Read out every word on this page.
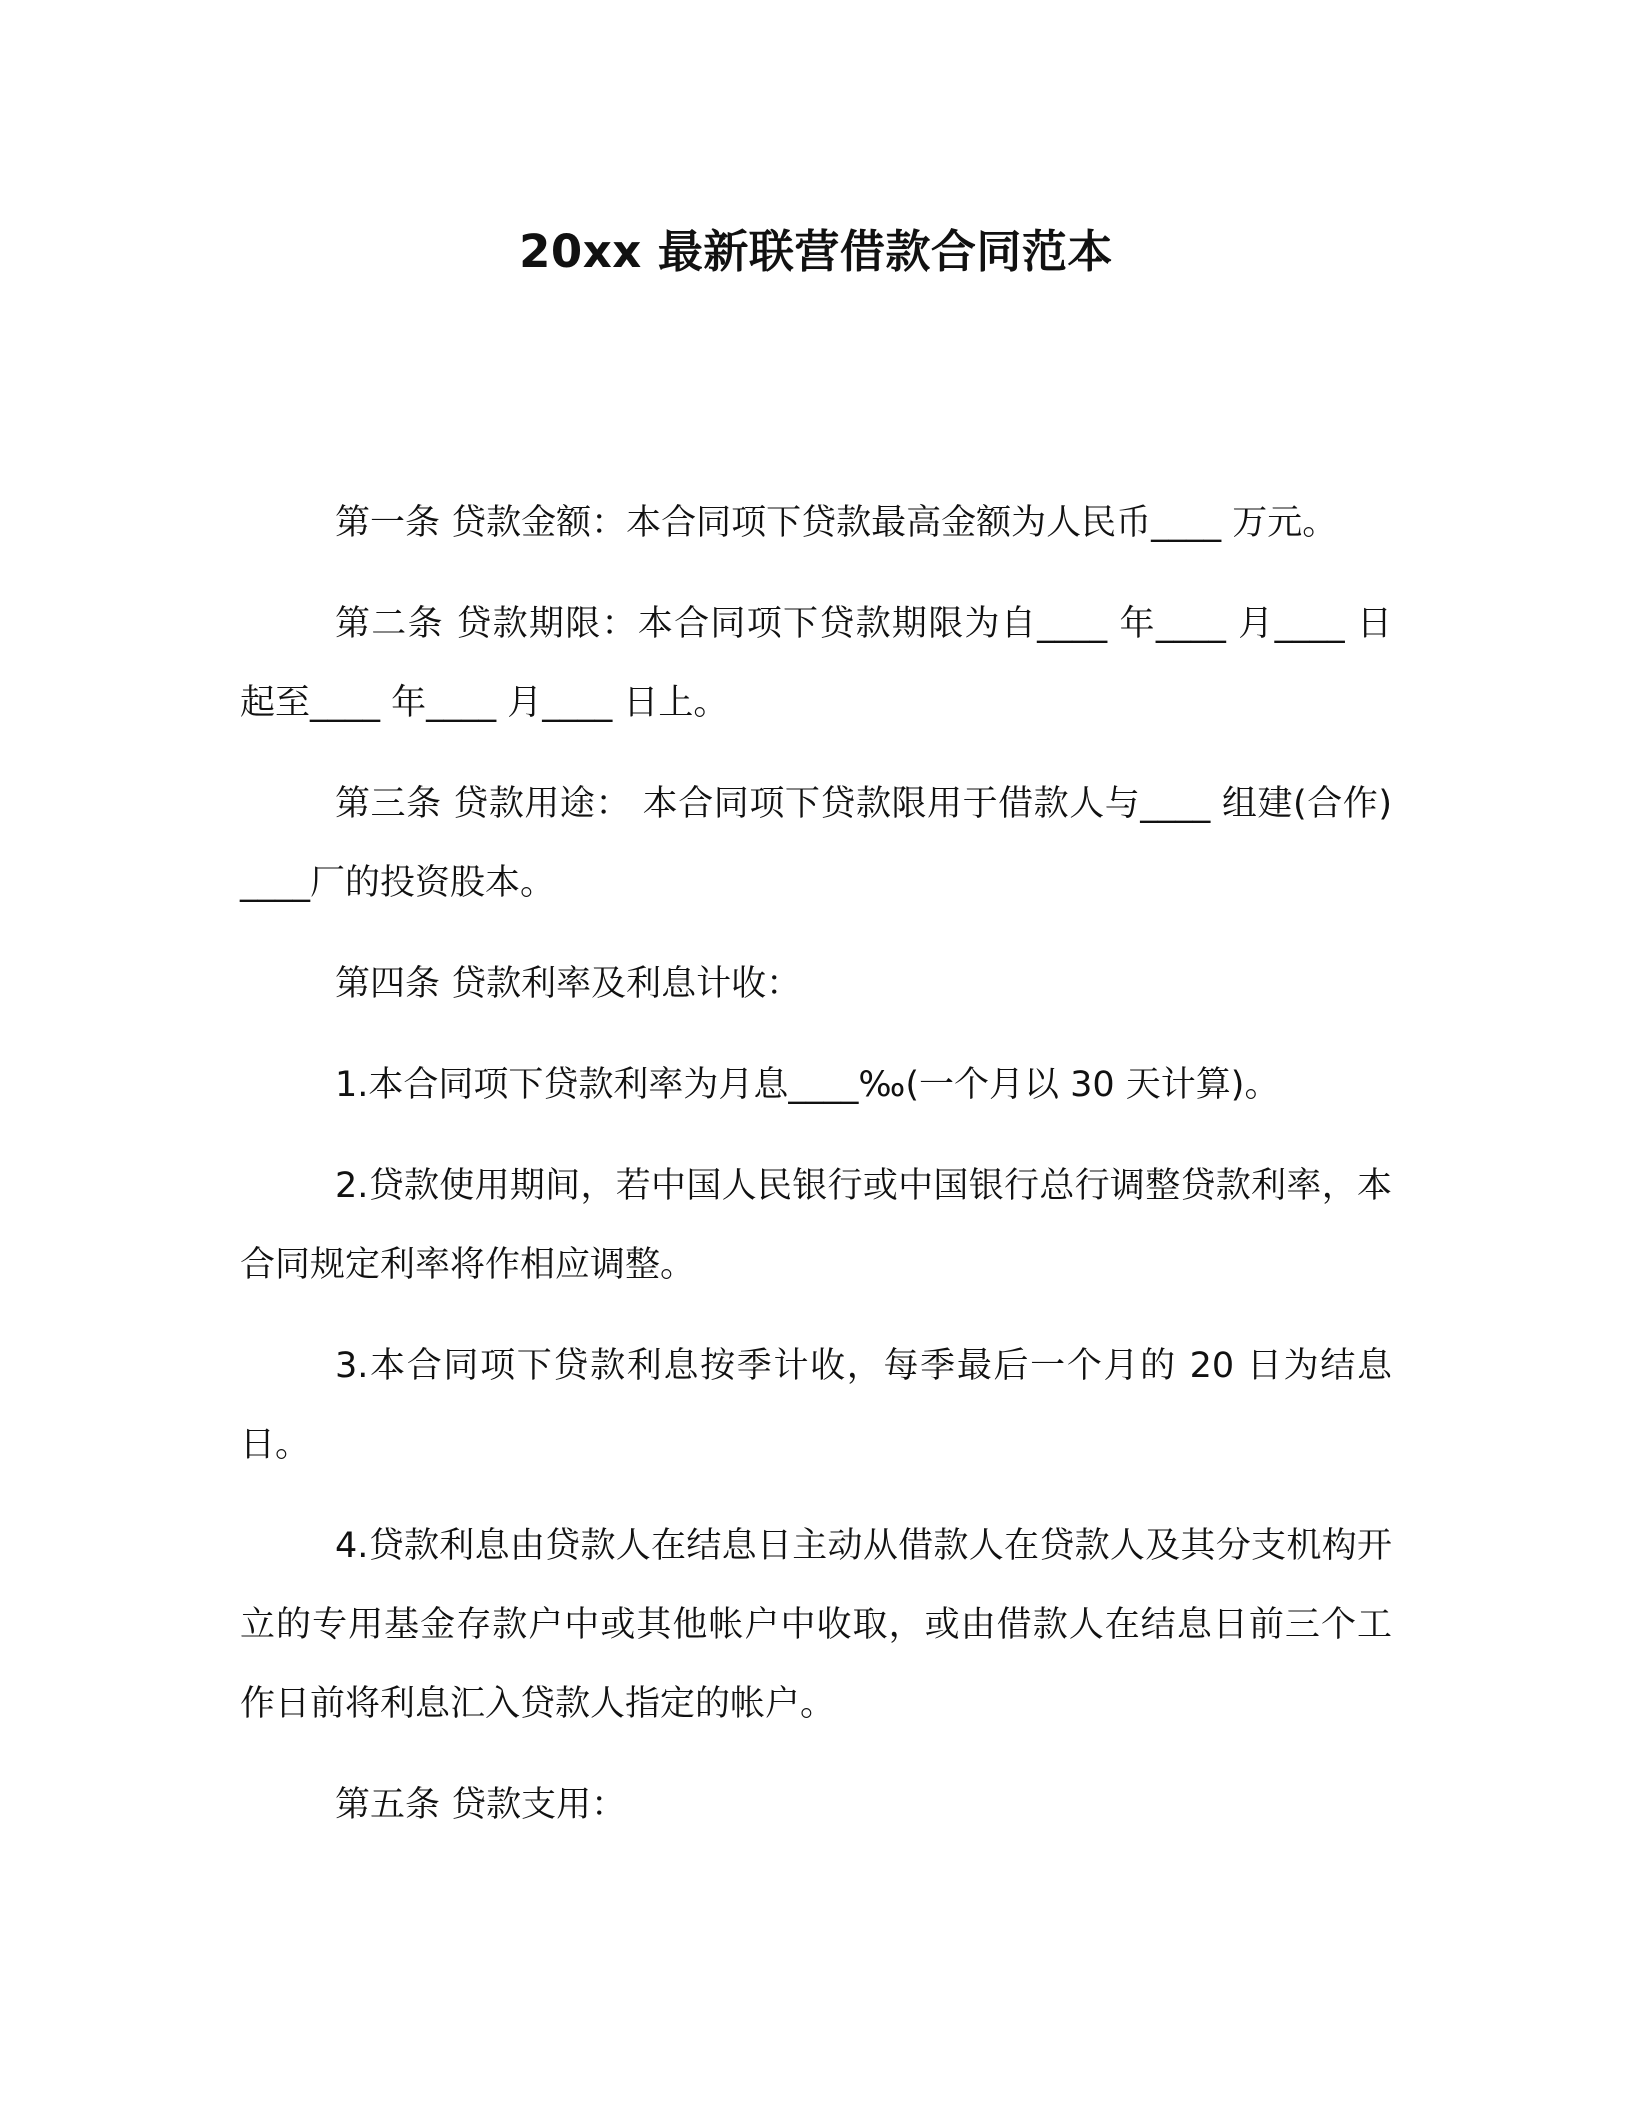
20xx 最新联营借款合同范本

第一条 贷款金额：本合同项下贷款最高金额为人民币____ 万元。

第二条 贷款期限：本合同项下贷款期限为自____ 年____ 月____ 日起至____ 年____ 月____ 日上。

第三条 贷款用途： 本合同项下贷款限用于借款人与____ 组建(合作)____厂的投资股本。

第四条 贷款利率及利息计收：

1.本合同项下贷款利率为月息____‰(一个月以 30 天计算)。

2.贷款使用期间，若中国人民银行或中国银行总行调整贷款利率，本合同规定利率将作相应调整。

3.本合同项下贷款利息按季计收，每季最后一个月的 20 日为结息日。

4.贷款利息由贷款人在结息日主动从借款人在贷款人及其分支机构开立的专用基金存款户中或其他帐户中收取，或由借款人在结息日前三个工作日前将利息汇入贷款人指定的帐户。

第五条 贷款支用：
